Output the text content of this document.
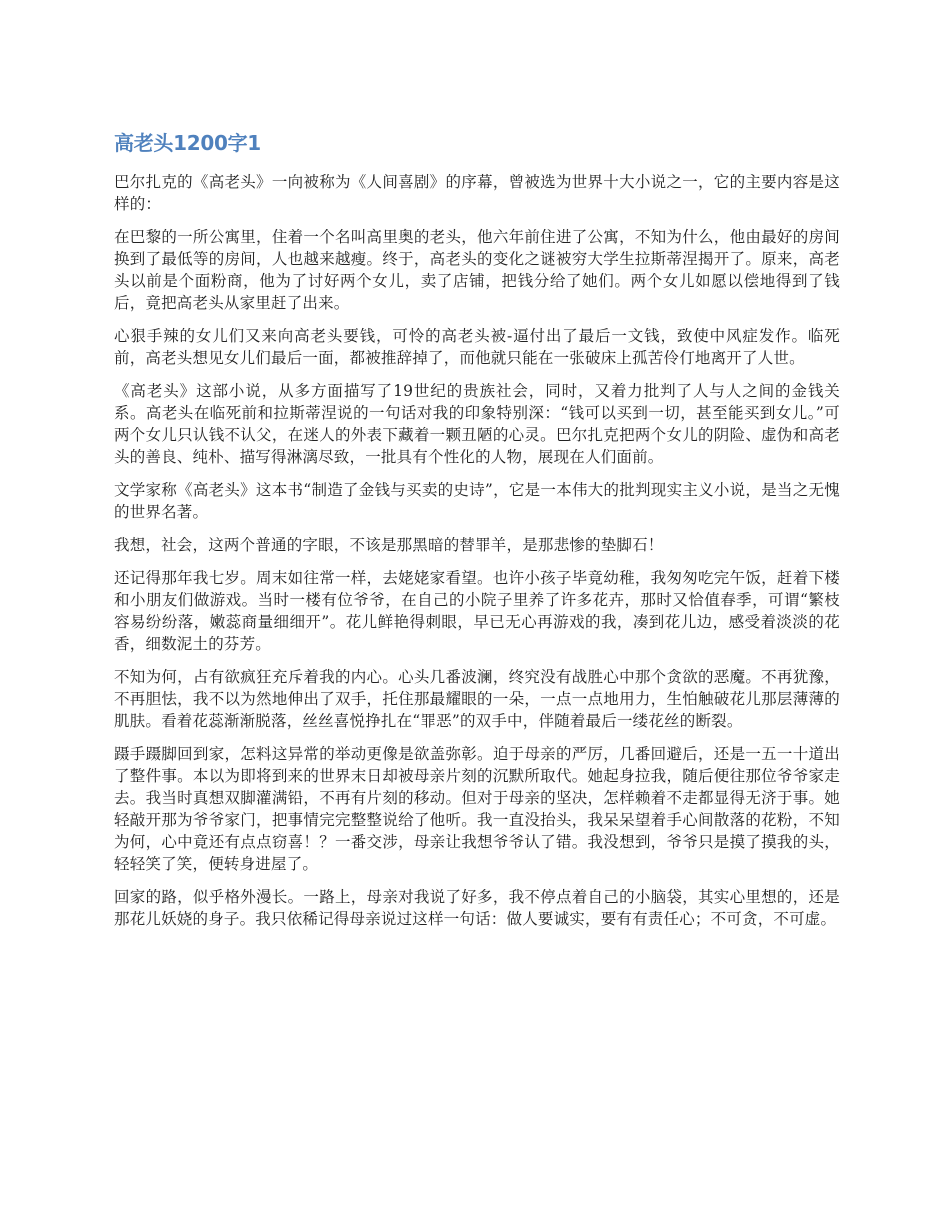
高老头1200字1

巴尔扎克的《高老头》一向被称为《人间喜剧》的序幕，曾被选为世界十大小说之一，它的主要内容是这样的：

在巴黎的一所公寓里，住着一个名叫高里奥的老头，他六年前住进了公寓，不知为什么，他由最好的房间换到了最低等的房间，人也越来越瘦。终于，高老头的变化之谜被穷大学生拉斯蒂涅揭开了。原来，高老头以前是个面粉商，他为了讨好两个女儿，卖了店铺，把钱分给了她们。两个女儿如愿以偿地得到了钱后，竟把高老头从家里赶了出来。

心狠手辣的女儿们又来向高老头要钱，可怜的高老头被-逼付出了最后一文钱，致使中风症发作。临死前，高老头想见女儿们最后一面，都被推辞掉了，而他就只能在一张破床上孤苦伶仃地离开了人世。

《高老头》这部小说，从多方面描写了19世纪的贵族社会，同时，又着力批判了人与人之间的金钱关系。高老头在临死前和拉斯蒂涅说的一句话对我的印象特别深：“钱可以买到一切，甚至能买到女儿。”可两个女儿只认钱不认父，在迷人的外表下藏着一颗丑陋的心灵。巴尔扎克把两个女儿的阴险、虚伪和高老头的善良、纯朴、描写得淋漓尽致，一批具有个性化的人物，展现在人们面前。

文学家称《高老头》这本书“制造了金钱与买卖的史诗”，它是一本伟大的批判现实主义小说，是当之无愧的世界名著。

我想，社会，这两个普通的字眼，不该是那黑暗的替罪羊，是那悲惨的垫脚石！

还记得那年我七岁。周末如往常一样，去姥姥家看望。也许小孩子毕竟幼稚，我匆匆吃完午饭，赶着下楼和小朋友们做游戏。当时一楼有位爷爷，在自己的小院子里养了许多花卉，那时又恰值春季，可谓“繁枝容易纷纷落，嫩蕊商量细细开”。花儿鲜艳得刺眼，早已无心再游戏的我，凑到花儿边，感受着淡淡的花香，细数泥土的芬芳。

不知为何，占有欲疯狂充斥着我的内心。心头几番波澜，终究没有战胜心中那个贪欲的恶魔。不再犹豫，不再胆怯，我不以为然地伸出了双手，托住那最耀眼的一朵，一点一点地用力，生怕触破花儿那层薄薄的肌肤。看着花蕊渐渐脱落，丝丝喜悦挣扎在“罪恶”的双手中，伴随着最后一缕花丝的断裂。

蹑手蹑脚回到家，怎料这异常的举动更像是欲盖弥彰。迫于母亲的严厉，几番回避后，还是一五一十道出了整件事。本以为即将到来的世界末日却被母亲片刻的沉默所取代。她起身拉我，随后便往那位爷爷家走去。我当时真想双脚灌满铅，不再有片刻的移动。但对于母亲的坚决，怎样赖着不走都显得无济于事。她轻敲开那为爷爷家门，把事情完完整整说给了他听。我一直没抬头，我呆呆望着手心间散落的花粉，不知为何，心中竟还有点点窃喜！？一番交涉，母亲让我想爷爷认了错。我没想到，爷爷只是摸了摸我的头，轻轻笑了笑，便转身进屋了。

回家的路，似乎格外漫长。一路上，母亲对我说了好多，我不停点着自己的小脑袋，其实心里想的，还是那花儿妖娆的身子。我只依稀记得母亲说过这样一句话：做人要诚实，要有有责任心；不可贪，不可虚。
